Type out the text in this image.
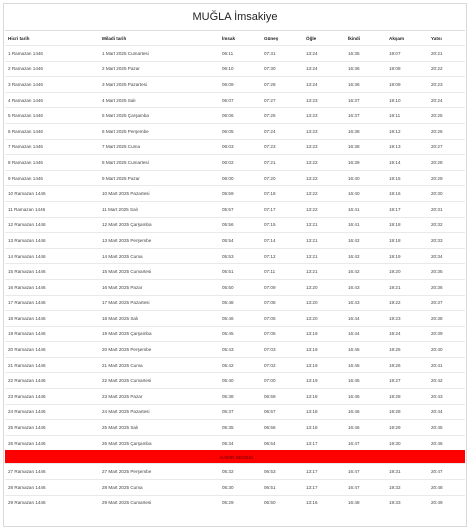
MUĞLA İmsakiye
Hicri tarih	Miladi tarih	İmsak	Güneş	Öğle	İkindi	Akşam	Yatsı
1 Ramazan 1446	1 Mart 2025 Cumartesi	06:11	07:31	13:24	16:35	19:07	20:21
2 Ramazan 1446	2 Mart 2025 Pazar	06:10	07:30	13:24	16:36	19:08	20:22
3 Ramazan 1446	3 Mart 2025 Pazartesi	06:09	07:28	13:24	16:36	19:09	20:23
4 Ramazan 1446	4 Mart 2025 Salı	06:07	07:27	13:23	16:37	19:10	20:24
5 Ramazan 1446	5 Mart 2025 Çarşamba	06:06	07:25	13:23	16:37	19:11	20:25
6 Ramazan 1446	6 Mart 2025 Perşembe	06:05	07:24	13:23	16:38	19:12	20:26
7 Ramazan 1446	7 Mart 2025 Cuma	06:03	07:23	13:23	16:38	19:13	20:27
8 Ramazan 1446	8 Mart 2025 Cumartesi	06:02	07:21	13:22	16:39	19:14	20:28
9 Ramazan 1446	9 Mart 2025 Pazar	06:00	07:20	13:22	16:40	19:15	20:29
10 Ramazan 1446	10 Mart 2025 Pazartesi	05:59	07:18	13:22	16:40	19:16	20:30
11 Ramazan 1446	11 Mart 2025 Salı	05:57	07:17	13:22	16:41	19:17	20:31
12 Ramazan 1446	12 Mart 2025 Çarşamba	05:56	07:15	13:21	16:41	19:18	20:32
13 Ramazan 1446	13 Mart 2025 Perşembe	05:54	07:14	13:21	16:42	19:18	20:33
14 Ramazan 1446	14 Mart 2025 Cuma	05:53	07:12	13:21	16:42	19:19	20:34
15 Ramazan 1446	15 Mart 2025 Cumartesi	05:51	07:11	13:21	16:42	19:20	20:35
16 Ramazan 1446	16 Mart 2025 Pazar	05:50	07:09	13:20	16:43	19:21	20:36
17 Ramazan 1446	17 Mart 2025 Pazartesi	05:48	07:08	13:20	16:43	19:22	20:37
18 Ramazan 1446	18 Mart 2025 Salı	05:46	07:06	13:20	16:44	19:23	20:38
19 Ramazan 1446	19 Mart 2025 Çarşamba	05:45	07:05	13:19	16:44	19:24	20:39
20 Ramazan 1446	20 Mart 2025 Perşembe	05:43	07:03	13:19	16:45	19:25	20:40
21 Ramazan 1446	21 Mart 2025 Cuma	05:42	07:02	13:19	16:45	19:26	20:41
22 Ramazan 1446	22 Mart 2025 Cumartesi	05:40	07:00	13:19	16:45	19:27	20:42
23 Ramazan 1446	23 Mart 2025 Pazar	05:38	06:59	13:18	16:46	19:28	20:43
24 Ramazan 1446	24 Mart 2025 Pazartesi	05:37	06:57	13:18	16:46	19:28	20:44
25 Ramazan 1446	25 Mart 2025 Salı	05:35	06:56	13:18	16:46	19:29	20:45
26 Ramazan 1446	26 Mart 2025 Çarşamba	05:34	06:54	13:17	16:47	19:30	20:46
KADİR GECESİ							
27 Ramazan 1446	27 Mart 2025 Perşembe	05:32	06:53	13:17	16:47	19:31	20:47
28 Ramazan 1446	28 Mart 2025 Cuma	05:30	06:51	13:17	16:47	19:32	20:48
29 Ramazan 1446	29 Mart 2025 Cumartesi	05:29	06:50	13:16	16:48	19:33	20:49
